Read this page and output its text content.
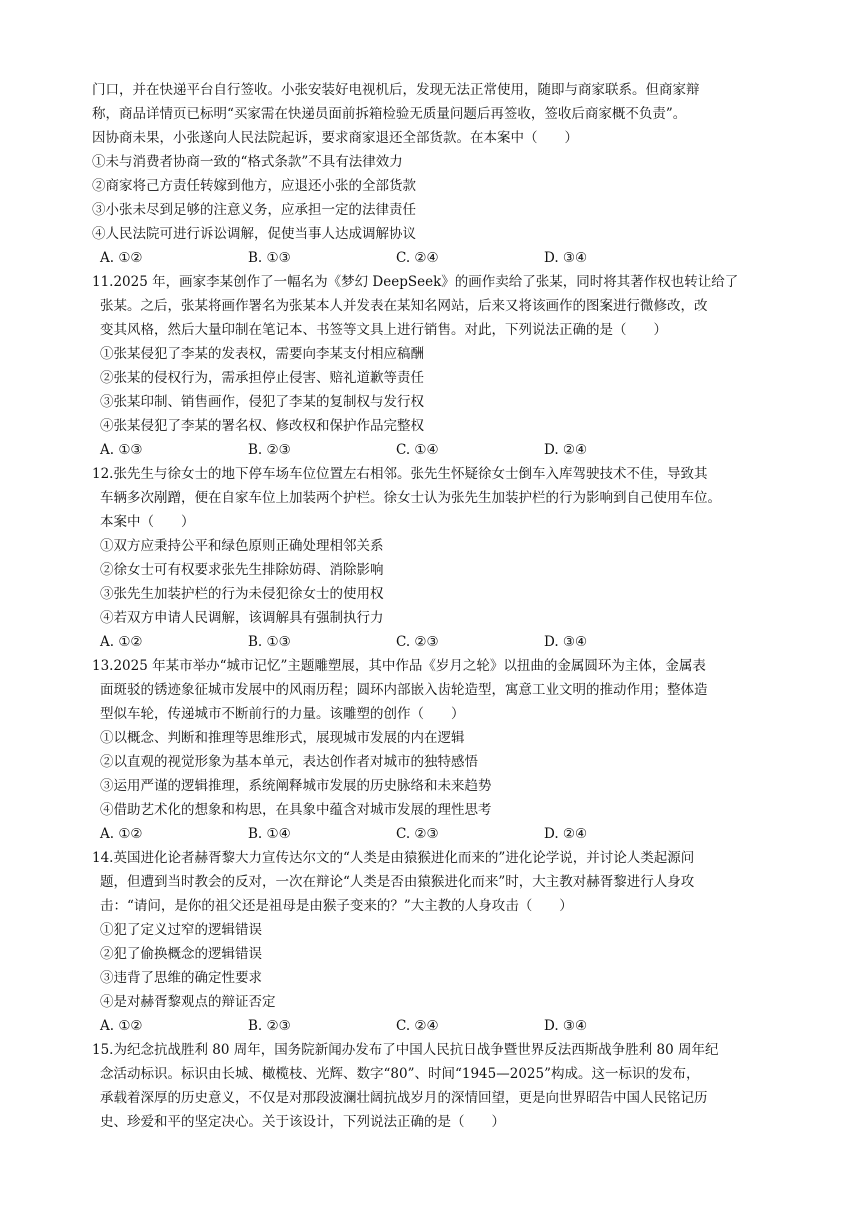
门口，并在快递平台自行签收。小张安装好电视机后，发现无法正常使用，随即与商家联系。但商家辩
称，商品详情页已标明“买家需在快递员面前拆箱检验无质量问题后再签收，签收后商家概不负责”。
因协商未果，小张遂向人民法院起诉，要求商家退还全部货款。在本案中（　　）
①未与消费者协商一致的“格式条款”不具有法律效力
②商家将己方责任转嫁到他方，应退还小张的全部货款
③小张未尽到足够的注意义务，应承担一定的法律责任
④人民法院可进行诉讼调解，促使当事人达成调解协议
A. ①②	B. ①③	C. ②④	D. ③④
11.2025 年，画家李某创作了一幅名为《梦幻 DeepSeek》的画作卖给了张某，同时将其著作权也转让给了
张某。之后，张某将画作署名为张某本人并发表在某知名网站，后来又将该画作的图案进行微修改，改
变其风格，然后大量印制在笔记本、书签等文具上进行销售。对此，下列说法正确的是（　　）
①张某侵犯了李某的发表权，需要向李某支付相应稿酬
②张某的侵权行为，需承担停止侵害、赔礼道歉等责任
③张某印制、销售画作，侵犯了李某的复制权与发行权
④张某侵犯了李某的署名权、修改权和保护作品完整权
A. ①③	B. ②③	C. ①④	D. ②④
12.张先生与徐女士的地下停车场车位位置左右相邻。张先生怀疑徐女士倒车入库驾驶技术不佳，导致其
车辆多次剐蹭，便在自家车位上加装两个护栏。徐女士认为张先生加装护栏的行为影响到自己使用车位。
本案中（　　）
①双方应秉持公平和绿色原则正确处理相邻关系
②徐女士可有权要求张先生排除妨碍、消除影响
③张先生加装护栏的行为未侵犯徐女士的使用权
④若双方申请人民调解，该调解具有强制执行力
A. ①②	B. ①③	C. ②③	D. ③④
13.2025 年某市举办“城市记忆”主题雕塑展，其中作品《岁月之轮》以扭曲的金属圆环为主体，金属表
面斑驳的锈迹象征城市发展中的风雨历程；圆环内部嵌入齿轮造型，寓意工业文明的推动作用；整体造
型似车轮，传递城市不断前行的力量。该雕塑的创作（　　）
①以概念、判断和推理等思维形式，展现城市发展的内在逻辑
②以直观的视觉形象为基本单元，表达创作者对城市的独特感悟
③运用严谨的逻辑推理，系统阐释城市发展的历史脉络和未来趋势
④借助艺术化的想象和构思，在具象中蕴含对城市发展的理性思考
A. ①②	B. ①④	C. ②③	D. ②④
14.英国进化论者赫胥黎大力宣传达尔文的“人类是由猿猴进化而来的”进化论学说，并讨论人类起源问
题，但遭到当时教会的反对，一次在辩论“人类是否由猿猴进化而来”时，大主教对赫胥黎进行人身攻
击：“请问，是你的祖父还是祖母是由猴子变来的？”大主教的人身攻击（　　）
①犯了定义过窄的逻辑错误
②犯了偷换概念的逻辑错误
③违背了思维的确定性要求
④是对赫胥黎观点的辩证否定
A. ①②	B. ②③	C. ②④	D. ③④
15.为纪念抗战胜利 80 周年，国务院新闻办发布了中国人民抗日战争暨世界反法西斯战争胜利 80 周年纪
念活动标识。标识由长城、橄榄枝、光辉、数字“80”、时间“1945—2025”构成。这一标识的发布，
承载着深厚的历史意义，不仅是对那段波澜壮阔抗战岁月的深情回望，更是向世界昭告中国人民铭记历
史、珍爱和平的坚定决心。关于该设计，下列说法正确的是（　　）
